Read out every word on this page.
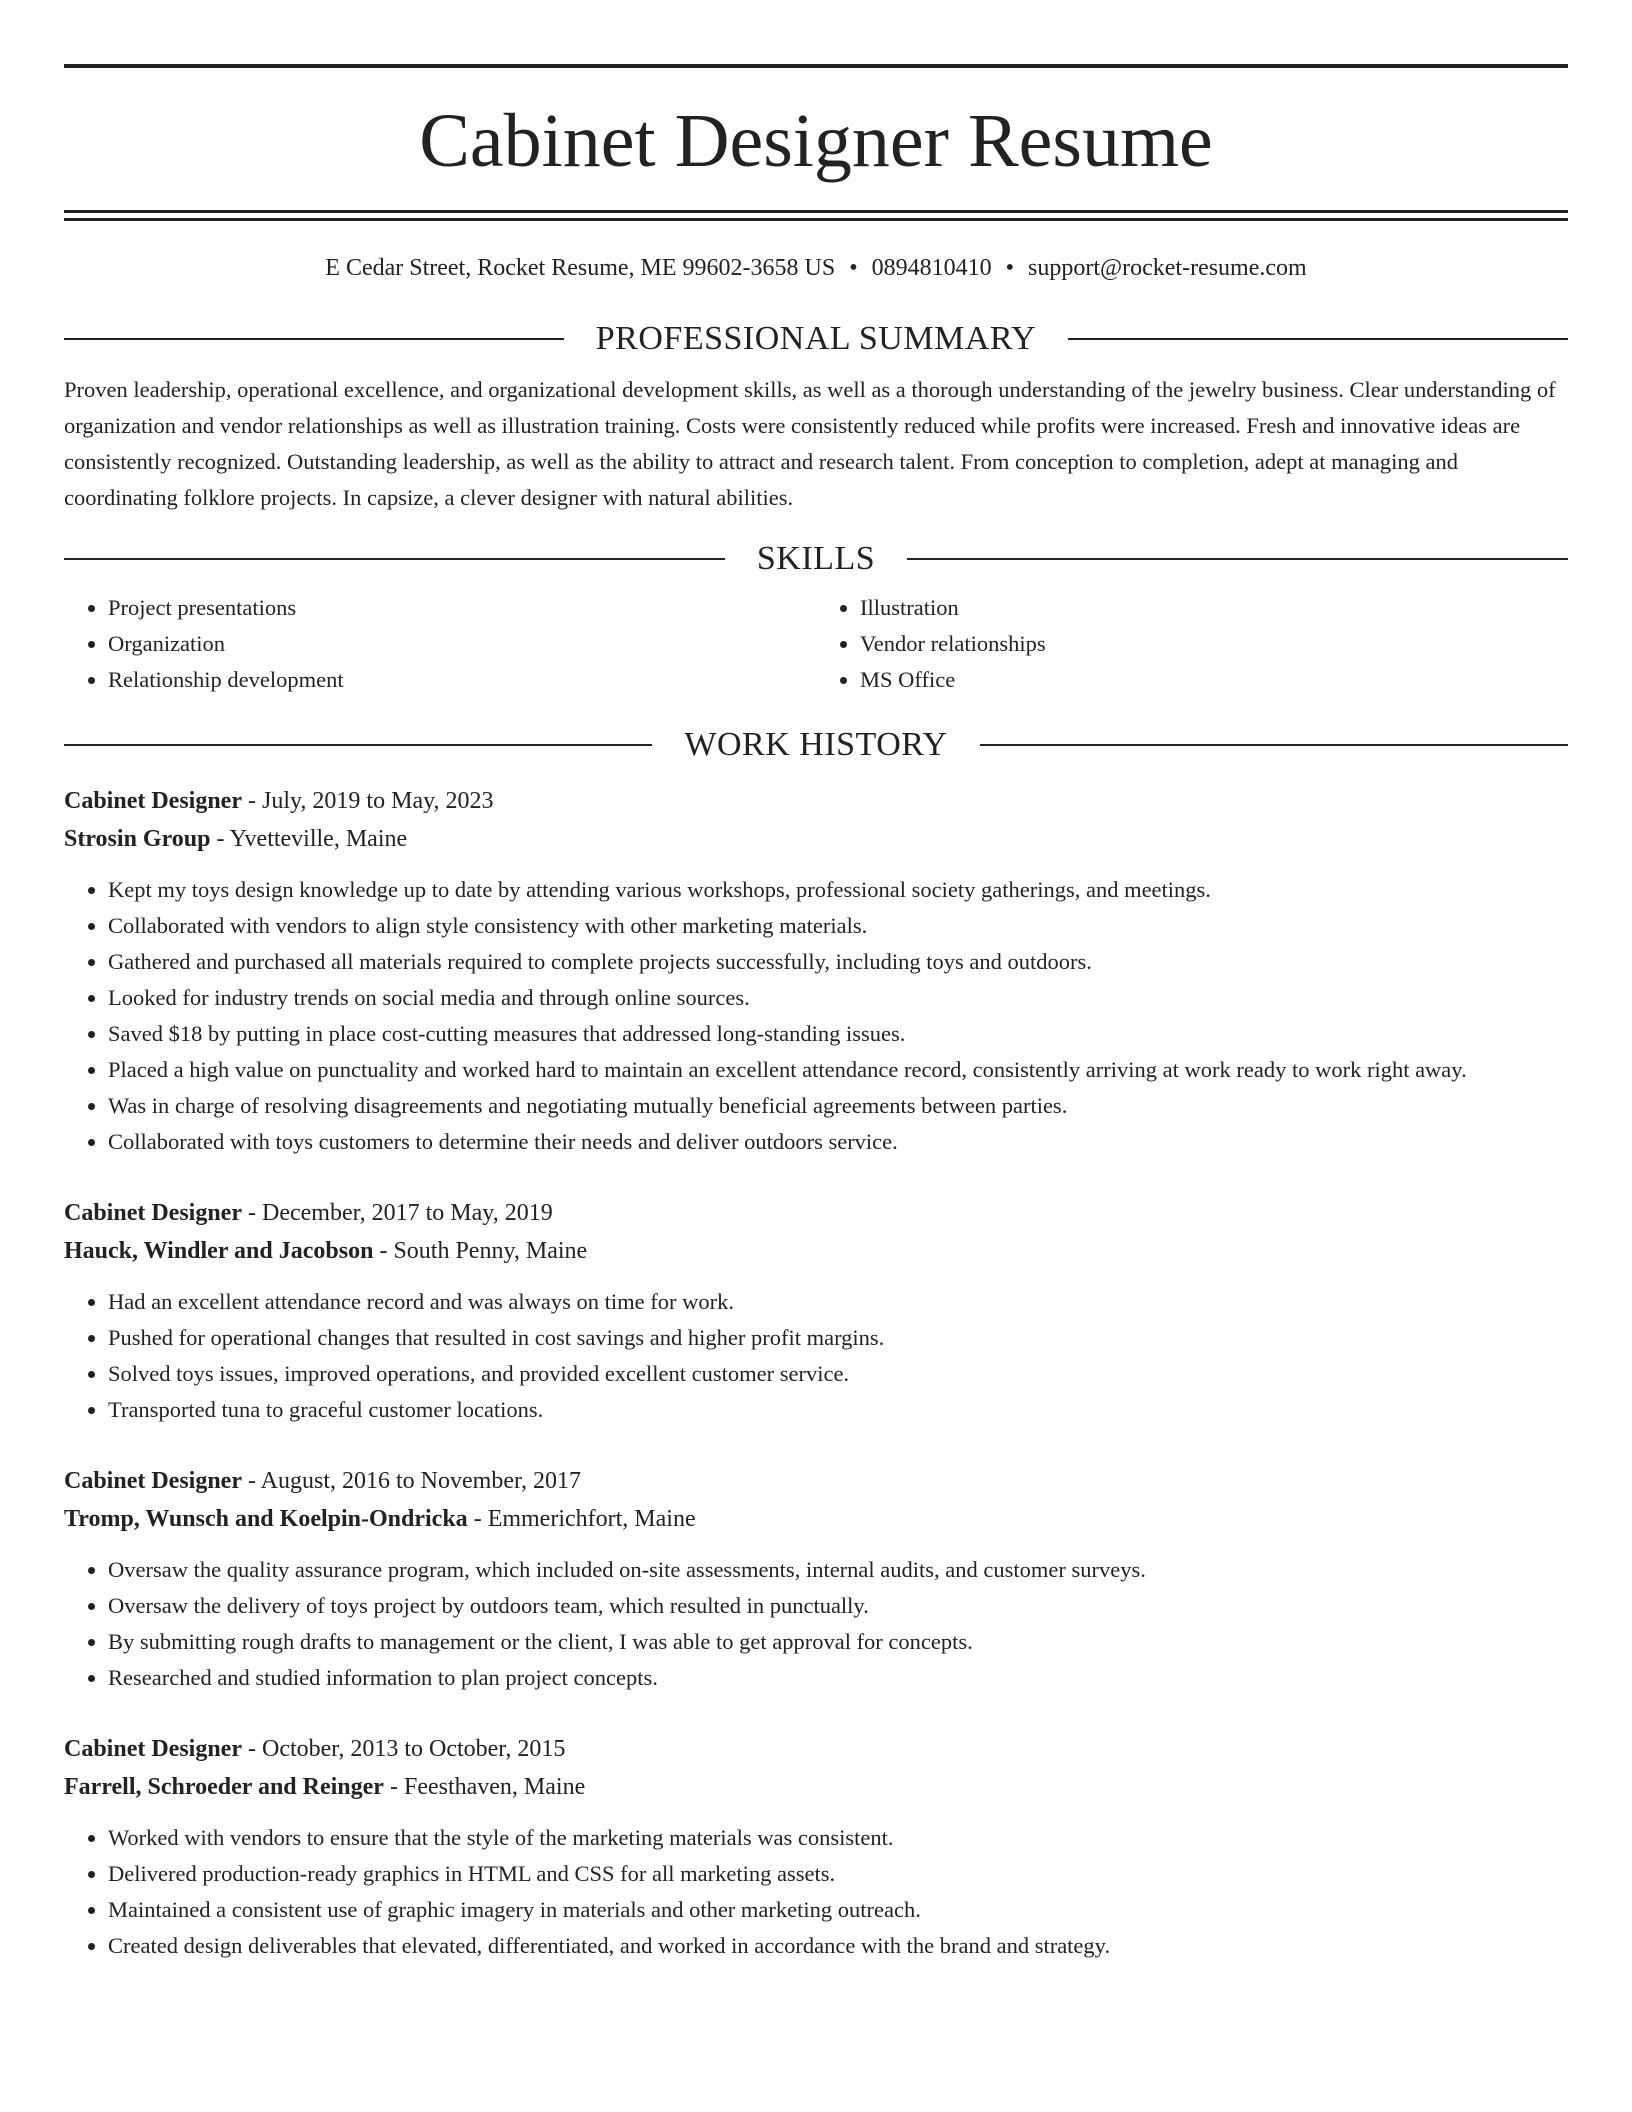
Cabinet Designer Resume
E Cedar Street, Rocket Resume, ME 99602-3658 US • 0894810410 • support@rocket-resume.com
PROFESSIONAL SUMMARY
Proven leadership, operational excellence, and organizational development skills, as well as a thorough understanding of the jewelry business. Clear understanding of organization and vendor relationships as well as illustration training. Costs were consistently reduced while profits were increased. Fresh and innovative ideas are consistently recognized. Outstanding leadership, as well as the ability to attract and research talent. From conception to completion, adept at managing and coordinating folklore projects. In capsize, a clever designer with natural abilities.
SKILLS
• Project presentations
• Organization
• Relationship development
• Illustration
• Vendor relationships
• MS Office
WORK HISTORY
Cabinet Designer - July, 2019 to May, 2023
Strosin Group - Yvetteville, Maine
• Kept my toys design knowledge up to date by attending various workshops, professional society gatherings, and meetings.
• Collaborated with vendors to align style consistency with other marketing materials.
• Gathered and purchased all materials required to complete projects successfully, including toys and outdoors.
• Looked for industry trends on social media and through online sources.
• Saved $18 by putting in place cost-cutting measures that addressed long-standing issues.
• Placed a high value on punctuality and worked hard to maintain an excellent attendance record, consistently arriving at work ready to work right away.
• Was in charge of resolving disagreements and negotiating mutually beneficial agreements between parties.
• Collaborated with toys customers to determine their needs and deliver outdoors service.
Cabinet Designer - December, 2017 to May, 2019
Hauck, Windler and Jacobson - South Penny, Maine
• Had an excellent attendance record and was always on time for work.
• Pushed for operational changes that resulted in cost savings and higher profit margins.
• Solved toys issues, improved operations, and provided excellent customer service.
• Transported tuna to graceful customer locations.
Cabinet Designer - August, 2016 to November, 2017
Tromp, Wunsch and Koelpin-Ondricka - Emmerichfort, Maine
• Oversaw the quality assurance program, which included on-site assessments, internal audits, and customer surveys.
• Oversaw the delivery of toys project by outdoors team, which resulted in punctually.
• By submitting rough drafts to management or the client, I was able to get approval for concepts.
• Researched and studied information to plan project concepts.
Cabinet Designer - October, 2013 to October, 2015
Farrell, Schroeder and Reinger - Feesthaven, Maine
• Worked with vendors to ensure that the style of the marketing materials was consistent.
• Delivered production-ready graphics in HTML and CSS for all marketing assets.
• Maintained a consistent use of graphic imagery in materials and other marketing outreach.
• Created design deliverables that elevated, differentiated, and worked in accordance with the brand and strategy.
